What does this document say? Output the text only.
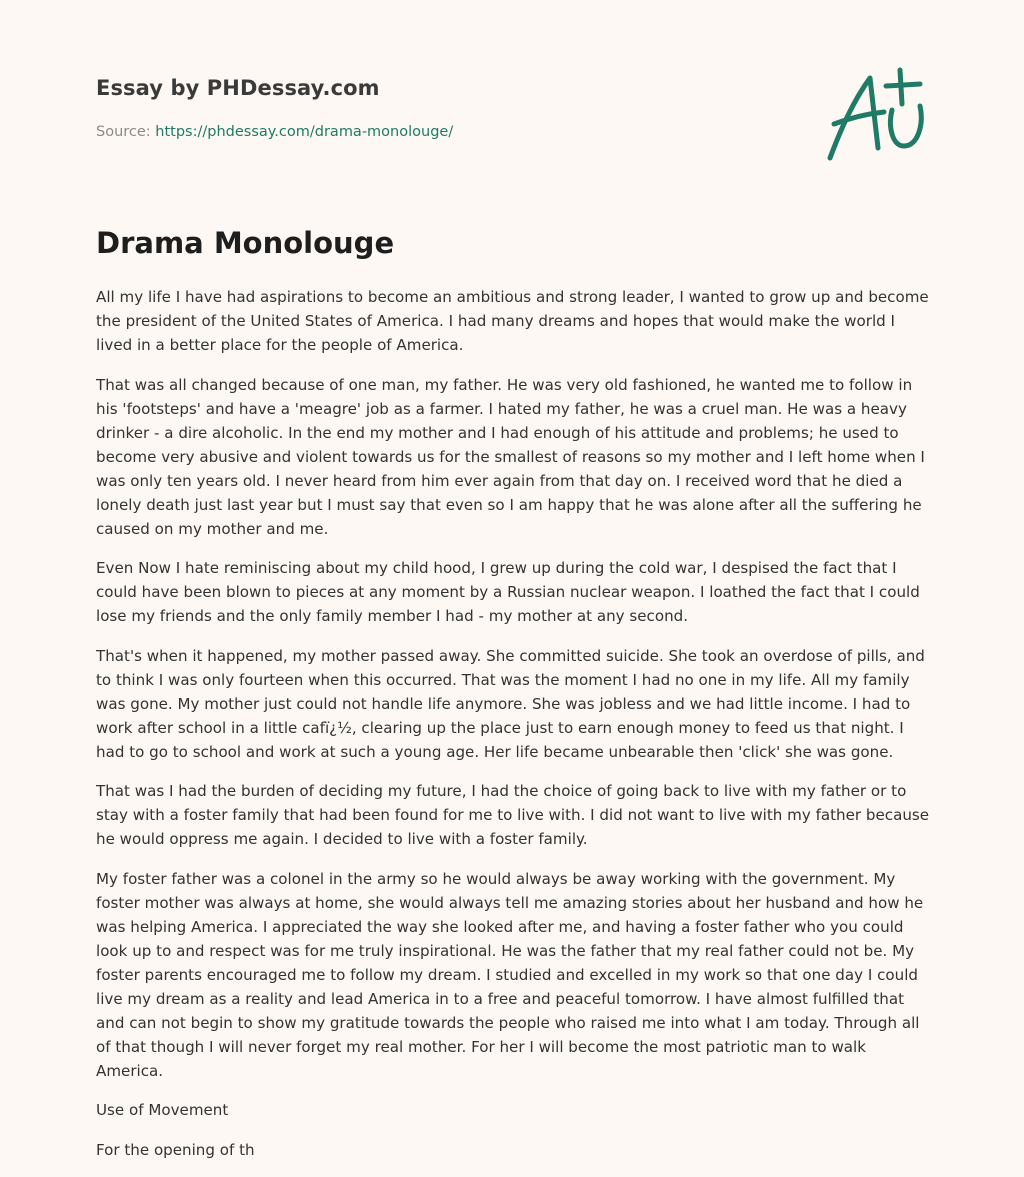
Essay by PHDessay.com
Source: https://phdessay.com/drama-monolouge/
Drama Monolouge

All my life I have had aspirations to become an ambitious and strong leader, I wanted to grow up and become the president of the United States of America. I had many dreams and hopes that would make the world I lived in a better place for the people of America.

That was all changed because of one man, my father. He was very old fashioned, he wanted me to follow in his 'footsteps' and have a 'meagre' job as a farmer. I hated my father, he was a cruel man. He was a heavy drinker - a dire alcoholic. In the end my mother and I had enough of his attitude and problems; he used to become very abusive and violent towards us for the smallest of reasons so my mother and I left home when I was only ten years old. I never heard from him ever again from that day on. I received word that he died a lonely death just last year but I must say that even so I am happy that he was alone after all the suffering he caused on my mother and me.

Even Now I hate reminiscing about my child hood, I grew up during the cold war, I despised the fact that I could have been blown to pieces at any moment by a Russian nuclear weapon. I loathed the fact that I could lose my friends and the only family member I had - my mother at any second.

That's when it happened, my mother passed away. She committed suicide. She took an overdose of pills, and to think I was only fourteen when this occurred. That was the moment I had no one in my life. All my family was gone. My mother just could not handle life anymore. She was jobless and we had little income. I had to work after school in a little cafï¿½, clearing up the place just to earn enough money to feed us that night. I had to go to school and work at such a young age. Her life became unbearable then 'click' she was gone.

That was I had the burden of deciding my future, I had the choice of going back to live with my father or to stay with a foster family that had been found for me to live with. I did not want to live with my father because he would oppress me again. I decided to live with a foster family.

My foster father was a colonel in the army so he would always be away working with the government. My foster mother was always at home, she would always tell me amazing stories about her husband and how he was helping America. I appreciated the way she looked after me, and having a foster father who you could look up to and respect was for me truly inspirational. He was the father that my real father could not be. My foster parents encouraged me to follow my dream. I studied and excelled in my work so that one day I could live my dream as a reality and lead America in to a free and peaceful tomorrow. I have almost fulfilled that and can not begin to show my gratitude towards the people who raised me into what I am today. Through all of that though I will never forget my real mother. For her I will become the most patriotic man to walk America.

Use of Movement

For the opening of th
